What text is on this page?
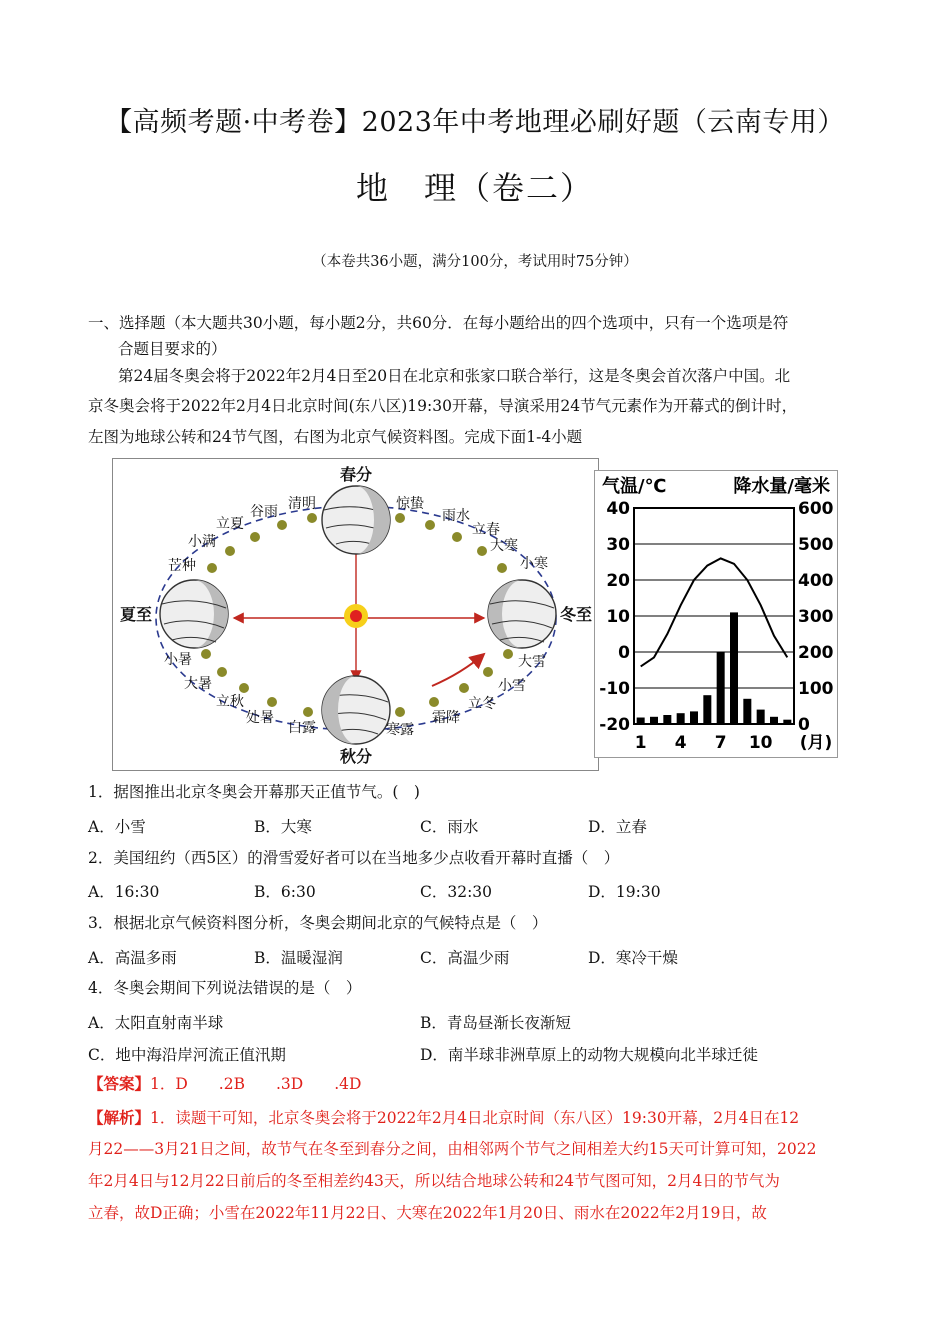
【高频考题·中考卷】2023年中考地理必刷好题（云南专用）
地　理（卷二）
（本卷共36小题，满分100分，考试用时75分钟）
一、选择题（本大题共30小题，每小题2分，共60分．在每小题给出的四个选项中，只有一个选项是符
合题目要求的）
第24届冬奥会将于2022年2月4日至20日在北京和张家口联合举行，这是冬奥会首次落户中国。北
京冬奥会将于2022年2月4日北京时间(东八区)19:30开幕，导演采用24节气元素作为开幕式的倒计时，
左图为地球公转和24节气图，右图为北京气候资料图。完成下面1-4小题
春分
夏至
秋分
冬至
清明
谷雨
立夏
小满
芒种
惊蛰
雨水
立春
大寒
小寒
小暑
大暑
立秋
处暑
白露	寒露
霜降
立冬
小雪
大雪
气温/℃	降水量/毫米
40
30
20
10
0
-10
-20
600
500
400
300
200
100
0
1 4 7 10 (月)
1．据图推出北京冬奥会开幕那天正值节气。(　)
A．小雪	B．大寒	C．雨水	D．立春
2．美国纽约（西5区）的滑雪爱好者可以在当地多少点收看开幕时直播（　）
A．16:30	B．6:30	C．32:30	D．19:30
3．根据北京气候资料图分析，冬奥会期间北京的气候特点是（　）
A．高温多雨	B．温暖湿润	C．高温少雨	D．寒冷干燥
4．冬奥会期间下列说法错误的是（　）
A．太阳直射南半球	B．青岛昼渐长夜渐短
C．地中海沿岸河流正值汛期	D．南半球非洲草原上的动物大规模向北半球迁徙
【答案】1．D　　.2B　　.3D　　.4D
【解析】1．读题干可知，北京冬奥会将于2022年2月4日北京时间（东八区）19:30开幕，2月4日在12
月22——3月21日之间，故节气在冬至到春分之间，由相邻两个节气之间相差大约15天可计算可知，2022
年2月4日与12月22日前后的冬至相差约43天，所以结合地球公转和24节气图可知，2月4日的节气为
立春，故D正确；小雪在2022年11月22日、大寒在2022年1月20日、雨水在2022年2月19日，故
